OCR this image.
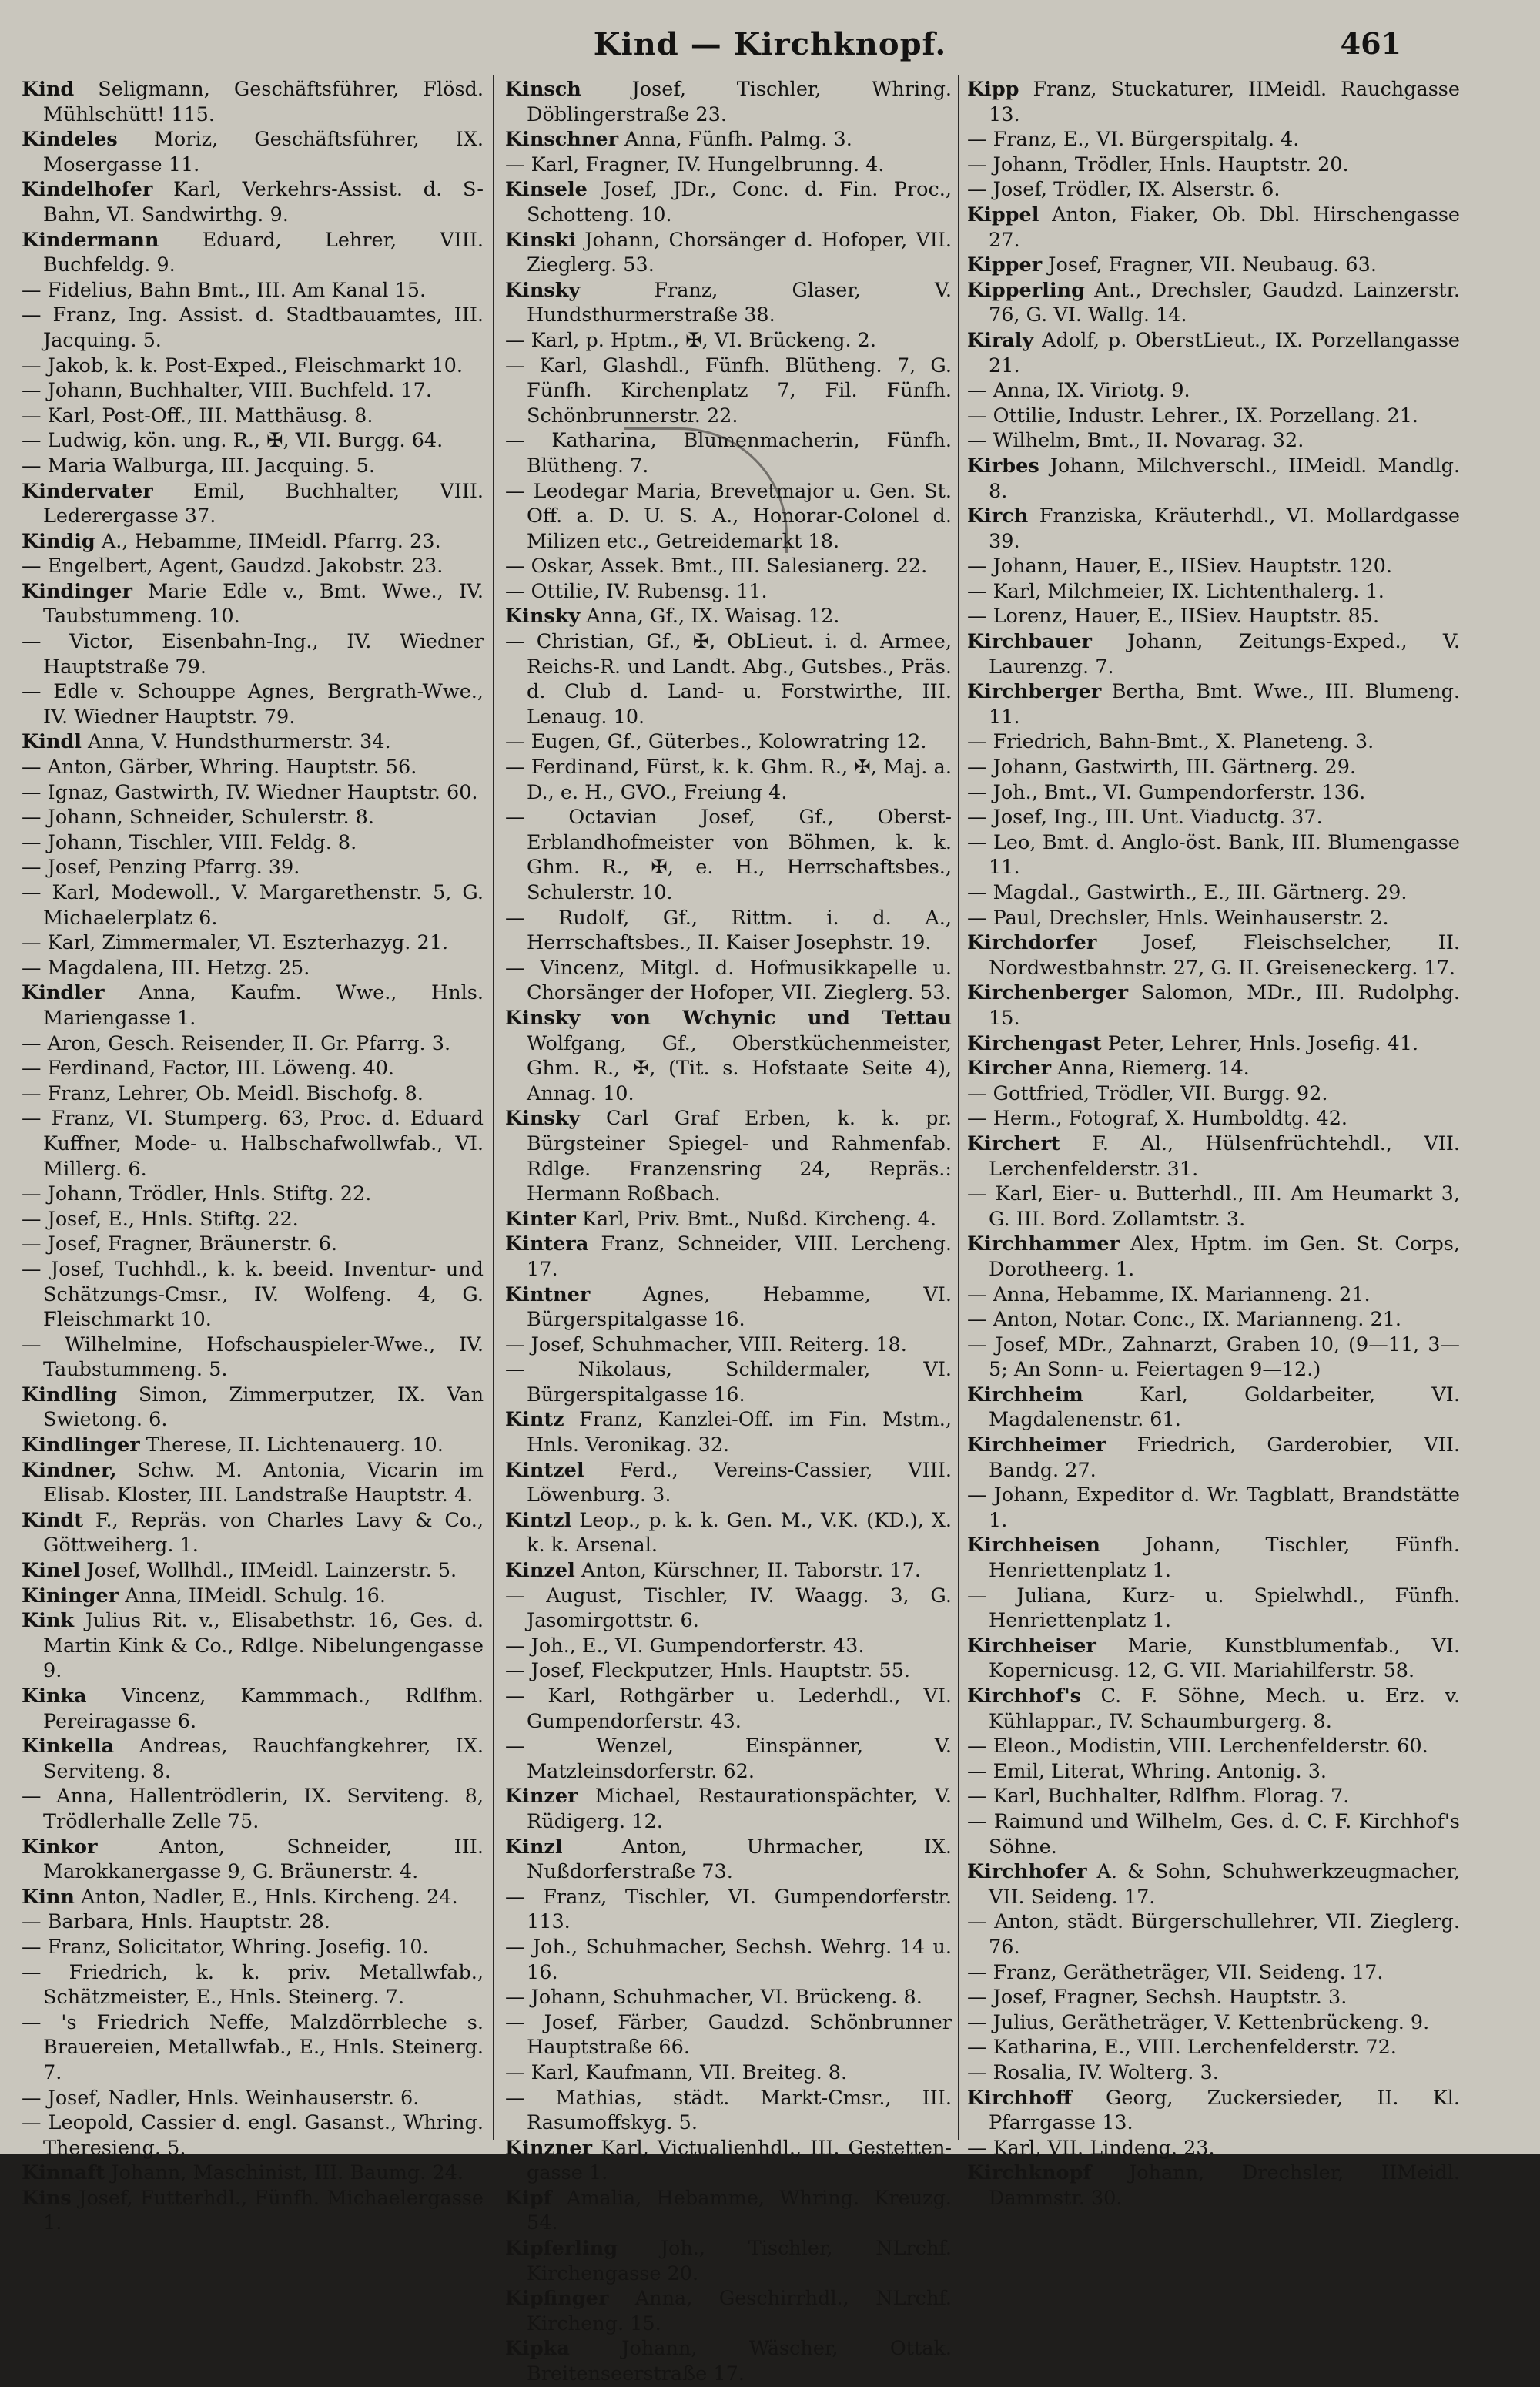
Kind — Kirchknopf.	461
Kind Seligmann, Geschäftsführer, Flösd. Mühlschütt! 115.
Kindeles Moriz, Geschäftsführer, IX. Mosergasse 11.
Kindelhofer Karl, Verkehrs-Assist. d. S-Bahn, VI. Sandwirthg. 9.
Kindermann Eduard, Lehrer, VIII. Buchfeldg. 9.
— Fidelius, Bahn Bmt., III. Am Kanal 15.
— Franz, Ing. Assist. d. Stadtbauamtes, III. Jacquing. 5.
— Jakob, k. k. Post-Exped., Fleischmarkt 10.
— Johann, Buchhalter, VIII. Buchfeld. 17.
— Karl, Post-Off., III. Matthäusg. 8.
— Ludwig, kön. ung. R., ✠, VII. Burgg. 64.
— Maria Walburga, III. Jacquing. 5.
Kindervater Emil, Buchhalter, VIII. Lederergasse 37.
Kindig A., Hebamme, IIMeidl. Pfarrg. 23.
— Engelbert, Agent, Gaudzd. Jakobstr. 23.
Kindinger Marie Edle v., Bmt. Wwe., IV. Taubstummeng. 10.
— Victor, Eisenbahn-Ing., IV. Wiedner Hauptstraße 79.
— Edle v. Schouppe Agnes, Bergrath-Wwe., IV. Wiedner Hauptstr. 79.
Kindl Anna, V. Hundsthurmerstr. 34.
— Anton, Gärber, Whring. Hauptstr. 56.
— Ignaz, Gastwirth, IV. Wiedner Hauptstr. 60.
— Johann, Schneider, Schulerstr. 8.
— Johann, Tischler, VIII. Feldg. 8.
— Josef, Penzing Pfarrg. 39.
— Karl, Modewoll., V. Margarethenstr. 5, G. Michaelerplatz 6.
— Karl, Zimmermaler, VI. Eszterhazyg. 21.
— Magdalena, III. Hetzg. 25.
Kindler Anna, Kaufm. Wwe., Hnls. Mariengasse 1.
— Aron, Gesch. Reisender, II. Gr. Pfarrg. 3.
— Ferdinand, Factor, III. Löweng. 40.
— Franz, Lehrer, Ob. Meidl. Bischofg. 8.
— Franz, VI. Stumperg. 63, Proc. d. Eduard Kuffner, Mode- u. Halbschafwollwfab., VI. Millerg. 6.
— Johann, Trödler, Hnls. Stiftg. 22.
— Josef, E., Hnls. Stiftg. 22.
— Josef, Fragner, Bräunerstr. 6.
— Josef, Tuchhdl., k. k. beeid. Inventur- und Schätzungs-Cmsr., IV. Wolfeng. 4, G. Fleischmarkt 10.
— Wilhelmine, Hofschauspieler-Wwe., IV. Taubstummeng. 5.
Kindling Simon, Zimmerputzer, IX. Van Swietong. 6.
Kindlinger Therese, II. Lichtenauerg. 10.
Kindner, Schw. M. Antonia, Vicarin im Elisab. Kloster, III. Landstraße Hauptstr. 4.
Kindt F., Repräs. von Charles Lavy & Co., Göttweiherg. 1.
Kinel Josef, Wollhdl., IIMeidl. Lainzerstr. 5.
Kininger Anna, IIMeidl. Schulg. 16.
Kink Julius Rit. v., Elisabethstr. 16, Ges. d. Martin Kink & Co., Rdlge. Nibelungengasse 9.
Kinka Vincenz, Kammmach., Rdlfhm. Pereiragasse 6.
Kinkella Andreas, Rauchfangkehrer, IX. Serviteng. 8.
— Anna, Hallentrödlerin, IX. Serviteng. 8, Trödlerhalle Zelle 75.
Kinkor Anton, Schneider, III. Marokkanergasse 9, G. Bräunerstr. 4.
Kinn Anton, Nadler, E., Hnls. Kircheng. 24.
— Barbara, Hnls. Hauptstr. 28.
— Franz, Solicitator, Whring. Josefig. 10.
— Friedrich, k. k. priv. Metallwfab., Schätzmeister, E., Hnls. Steinerg. 7.
— 's Friedrich Neffe, Malzdörrbleche s. Brauereien, Metallwfab., E., Hnls. Steinerg. 7.
— Josef, Nadler, Hnls. Weinhauserstr. 6.
— Leopold, Cassier d. engl. Gasanst., Whring. Theresieng. 5.
Kinnaft Johann, Maschinist, III. Baumg. 24.
Kins Josef, Futterhdl., Fünfh. Michaelergasse 1.
Kinsch Josef, Tischler, Whring. Döblingerstraße 23.
Kinschner Anna, Fünfh. Palmg. 3.
— Karl, Fragner, IV. Hungelbrunng. 4.
Kinsele Josef, JDr., Conc. d. Fin. Proc., Schotteng. 10.
Kinski Johann, Chorsänger d. Hofoper, VII. Zieglerg. 53.
Kinsky Franz, Glaser, V. Hundsthurmerstraße 38.
— Karl, p. Hptm., ✠, VI. Brückeng. 2.
— Karl, Glashdl., Fünfh. Blütheng. 7, G. Fünfh. Kirchenplatz 7, Fil. Fünfh. Schönbrunnerstr. 22.
— Katharina, Blumenmacherin, Fünfh. Blütheng. 7.
— Leodegar Maria, Brevetmajor u. Gen. St. Off. a. D. U. S. A., Honorar-Colonel d. Milizen etc., Getreidemarkt 18.
— Oskar, Assek. Bmt., III. Salesianerg. 22.
— Ottilie, IV. Rubensg. 11.
Kinsky Anna, Gf., IX. Waisag. 12.
— Christian, Gf., ✠, ObLieut. i. d. Armee, Reichs-R. und Landt. Abg., Gutsbes., Präs. d. Club d. Land- u. Forstwirthe, III. Lenaug. 10.
— Eugen, Gf., Güterbes., Kolowratring 12.
— Ferdinand, Fürst, k. k. Ghm. R., ✠, Maj. a. D., e. H., GVO., Freiung 4.
— Octavian Josef, Gf., Oberst-Erblandhofmeister von Böhmen, k. k. Ghm. R., ✠, e. H., Herrschaftsbes., Schulerstr. 10.
— Rudolf, Gf., Rittm. i. d. A., Herrschaftsbes., II. Kaiser Josephstr. 19.
— Vincenz, Mitgl. d. Hofmusikkapelle u. Chorsänger der Hofoper, VII. Zieglerg. 53.
Kinsky von Wchynic und Tettau Wolfgang, Gf., Oberstküchenmeister, Ghm. R., ✠, (Tit. s. Hofstaate Seite 4), Annag. 10.
Kinsky Carl Graf Erben, k. k. pr. Bürgsteiner Spiegel- und Rahmenfab. Rdlge. Franzensring 24, Repräs.: Hermann Roßbach.
Kinter Karl, Priv. Bmt., Nußd. Kircheng. 4.
Kintera Franz, Schneider, VIII. Lercheng. 17.
Kintner Agnes, Hebamme, VI. Bürgerspitalgasse 16.
— Josef, Schuhmacher, VIII. Reiterg. 18.
— Nikolaus, Schildermaler, VI. Bürgerspitalgasse 16.
Kintz Franz, Kanzlei-Off. im Fin. Mstm., Hnls. Veronikag. 32.
Kintzel Ferd., Vereins-Cassier, VIII. Löwenburg. 3.
Kintzl Leop., p. k. k. Gen. M., V.K. (KD.), X. k. k. Arsenal.
Kinzel Anton, Kürschner, II. Taborstr. 17.
— August, Tischler, IV. Waagg. 3, G. Jasomirgottstr. 6.
— Joh., E., VI. Gumpendorferstr. 43.
— Josef, Fleckputzer, Hnls. Hauptstr. 55.
— Karl, Rothgärber u. Lederhdl., VI. Gumpendorferstr. 43.
— Wenzel, Einspänner, V. Matzleinsdorferstr. 62.
Kinzer Michael, Restaurationspächter, V. Rüdigerg. 12.
Kinzl Anton, Uhrmacher, IX. Nußdorferstraße 73.
— Franz, Tischler, VI. Gumpendorferstr. 113.
— Joh., Schuhmacher, Sechsh. Wehrg. 14 u. 16.
— Johann, Schuhmacher, VI. Brückeng. 8.
— Josef, Färber, Gaudzd. Schönbrunner Hauptstraße 66.
— Karl, Kaufmann, VII. Breiteg. 8.
— Mathias, städt. Markt-Cmsr., III. Rasumoffskyg. 5.
Kinzner Karl, Victualienhdl., III. Gestetten-gasse 1.
Kipf Amalia, Hebamme, Whring. Kreuzg. 54.
Kipferling Joh., Tischler, NLrchf. Kirchengasse 20.
Kipfinger Anna, Geschirrhdl., NLrchf. Kircheng. 15.
Kipka Johann, Wäscher, Ottak. Breitenseerstraße 17.
Kipp Franz, Stuckaturer, IIMeidl. Rauchgasse 13.
— Franz, E., VI. Bürgerspitalg. 4.
— Johann, Trödler, Hnls. Hauptstr. 20.
— Josef, Trödler, IX. Alserstr. 6.
Kippel Anton, Fiaker, Ob. Dbl. Hirschengasse 27.
Kipper Josef, Fragner, VII. Neubaug. 63.
Kipperling Ant., Drechsler, Gaudzd. Lainzerstr. 76, G. VI. Wallg. 14.
Kiraly Adolf, p. OberstLieut., IX. Porzellangasse 21.
— Anna, IX. Viriotg. 9.
— Ottilie, Industr. Lehrer., IX. Porzellang. 21.
— Wilhelm, Bmt., II. Novarag. 32.
Kirbes Johann, Milchverschl., IIMeidl. Mandlg. 8.
Kirch Franziska, Kräuterhdl., VI. Mollardgasse 39.
— Johann, Hauer, E., IISiev. Hauptstr. 120.
— Karl, Milchmeier, IX. Lichtenthalerg. 1.
— Lorenz, Hauer, E., IISiev. Hauptstr. 85.
Kirchbauer Johann, Zeitungs-Exped., V. Laurenzg. 7.
Kirchberger Bertha, Bmt. Wwe., III. Blumeng. 11.
— Friedrich, Bahn-Bmt., X. Planeteng. 3.
— Johann, Gastwirth, III. Gärtnerg. 29.
— Joh., Bmt., VI. Gumpendorferstr. 136.
— Josef, Ing., III. Unt. Viaductg. 37.
— Leo, Bmt. d. Anglo-öst. Bank, III. Blumengasse 11.
— Magdal., Gastwirth., E., III. Gärtnerg. 29.
— Paul, Drechsler, Hnls. Weinhauserstr. 2.
Kirchdorfer Josef, Fleischselcher, II. Nordwestbahnstr. 27, G. II. Greiseneckerg. 17.
Kirchenberger Salomon, MDr., III. Rudolphg. 15.
Kirchengast Peter, Lehrer, Hnls. Josefig. 41.
Kircher Anna, Riemerg. 14.
— Gottfried, Trödler, VII. Burgg. 92.
— Herm., Fotograf, X. Humboldtg. 42.
Kirchert F. Al., Hülsenfrüchtehdl., VII. Lerchenfelderstr. 31.
— Karl, Eier- u. Butterhdl., III. Am Heumarkt 3, G. III. Bord. Zollamtstr. 3.
Kirchhammer Alex, Hptm. im Gen. St. Corps, Dorotheerg. 1.
— Anna, Hebamme, IX. Marianneng. 21.
— Anton, Notar. Conc., IX. Marianneng. 21.
— Josef, MDr., Zahnarzt, Graben 10, (9—11, 3—5; An Sonn- u. Feiertagen 9—12.)
Kirchheim Karl, Goldarbeiter, VI. Magdalenenstr. 61.
Kirchheimer Friedrich, Garderobier, VII. Bandg. 27.
— Johann, Expeditor d. Wr. Tagblatt, Brandstätte 1.
Kirchheisen Johann, Tischler, Fünfh. Henriettenplatz 1.
— Juliana, Kurz- u. Spielwhdl., Fünfh. Henriettenplatz 1.
Kirchheiser Marie, Kunstblumenfab., VI. Kopernicusg. 12, G. VII. Mariahilferstr. 58.
Kirchhof's C. F. Söhne, Mech. u. Erz. v. Kühlappar., IV. Schaumburgerg. 8.
— Eleon., Modistin, VIII. Lerchenfelderstr. 60.
— Emil, Literat, Whring. Antonig. 3.
— Karl, Buchhalter, Rdlfhm. Florag. 7.
— Raimund und Wilhelm, Ges. d. C. F. Kirchhof's Söhne.
Kirchhofer A. & Sohn, Schuhwerkzeugmacher, VII. Seideng. 17.
— Anton, städt. Bürgerschullehrer, VII. Zieglerg. 76.
— Franz, Gerätheträger, VII. Seideng. 17.
— Josef, Fragner, Sechsh. Hauptstr. 3.
— Julius, Gerätheträger, V. Kettenbrückeng. 9.
— Katharina, E., VIII. Lerchenfelderstr. 72.
— Rosalia, IV. Wolterg. 3.
Kirchhoff Georg, Zuckersieder, II. Kl. Pfarrgasse 13.
— Karl, VII. Lindeng. 23.
Kirchknopf Johann, Drechsler, IIMeidl. Dammstr. 30.
